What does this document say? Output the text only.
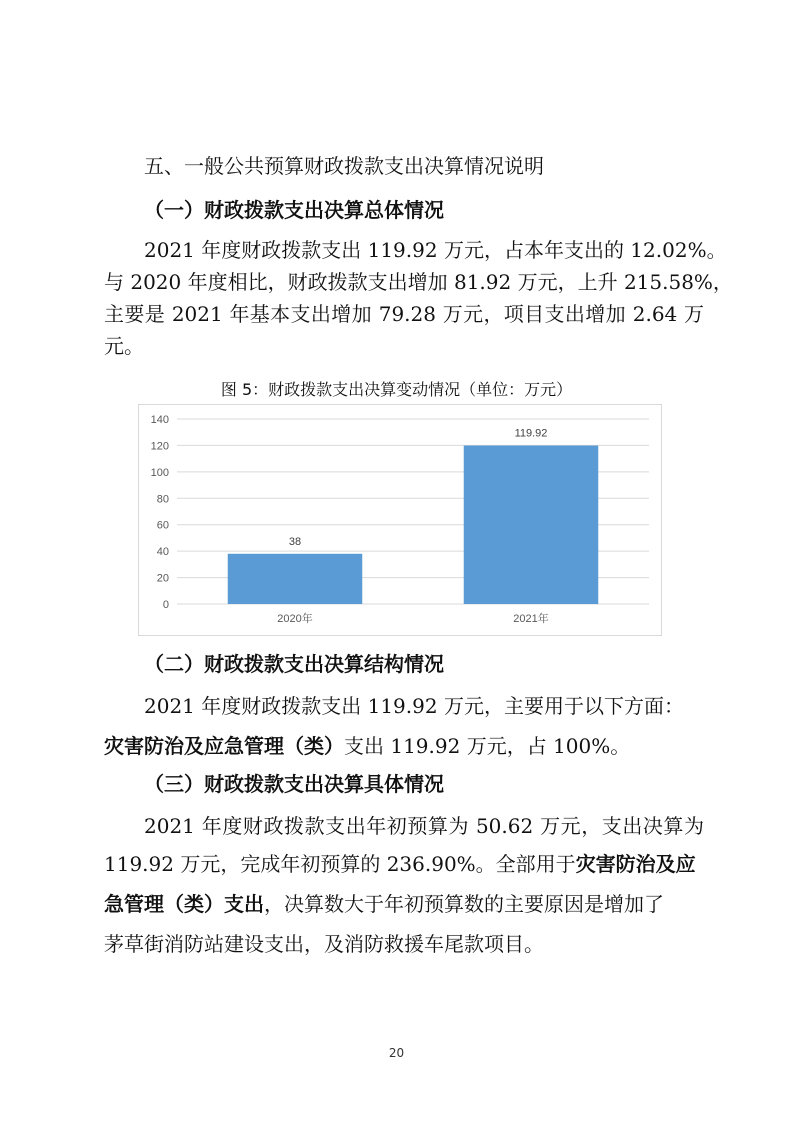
五、一般公共预算财政拨款支出决算情况说明
（一）财政拨款支出决算总体情况
2021 年度财政拨款支出 119.92 万元，占本年支出的 12.02%。
与 2020 年度相比，财政拨款支出增加 81.92 万元，上升 215.58%，
主要是 2021 年基本支出增加 79.28 万元，项目支出增加 2.64 万
元。
图 5：财政拨款支出决算变动情况（单位：万元）
0
20
40
60
80
100
120
140
38
2020年
119.92
2021年
（二）财政拨款支出决算结构情况
2021 年度财政拨款支出 119.92 万元，主要用于以下方面：
灾害防治及应急管理（类）支出 119.92 万元，占 100%。
（三）财政拨款支出决算具体情况
2021 年度财政拨款支出年初预算为 50.62 万元，支出决算为
119.92 万元，完成年初预算的 236.90%。全部用于灾害防治及应
急管理（类）支出，决算数大于年初预算数的主要原因是增加了
茅草街消防站建设支出，及消防救援车尾款项目。
20
